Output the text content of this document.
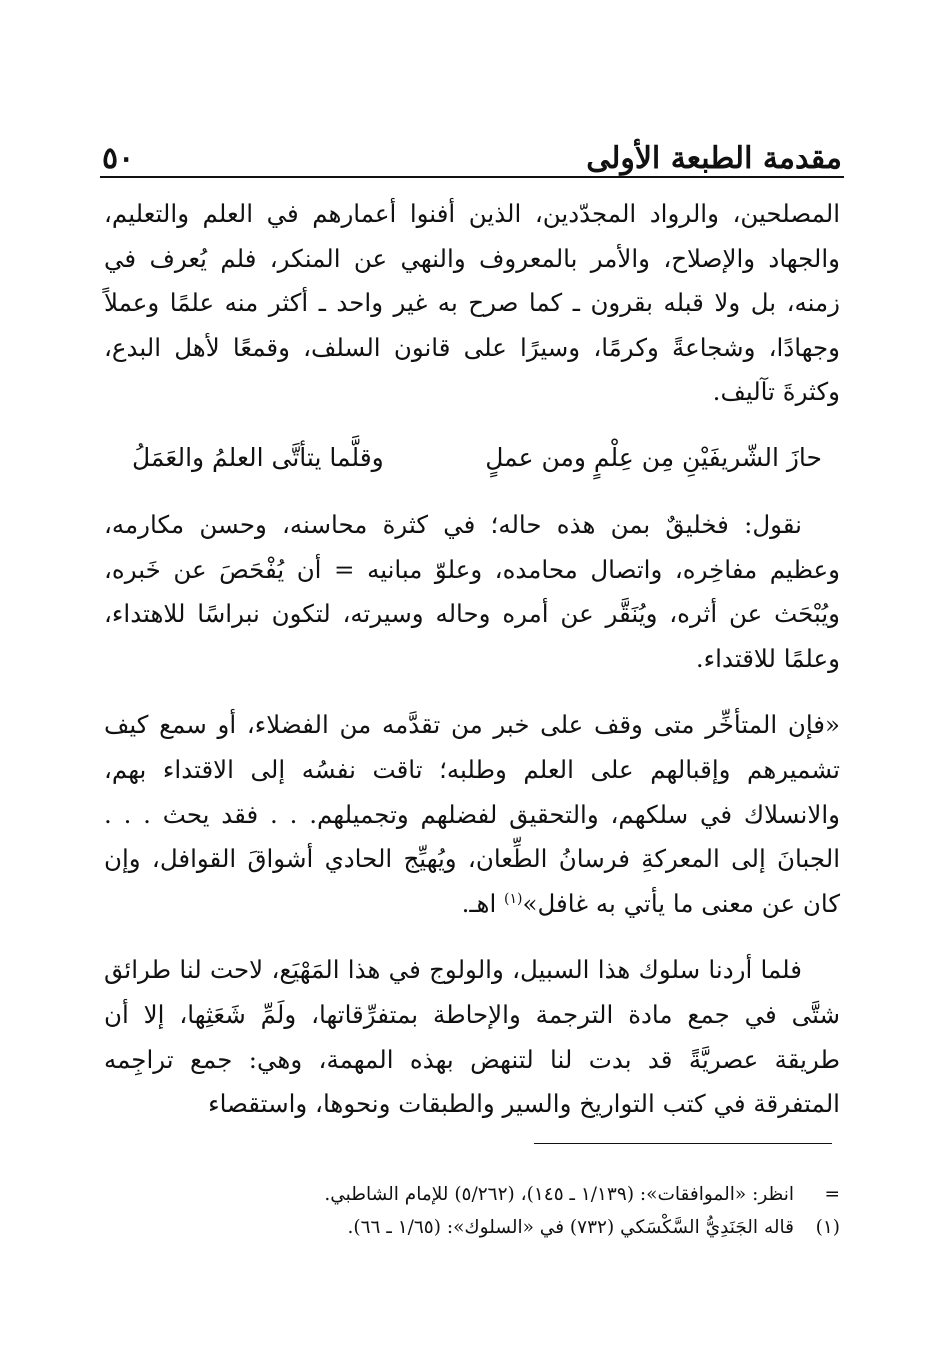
مقدمة الطبعة الأولى
٥٠

المصلحين، والرواد المجدّدين، الذين أفنوا أعمارهم في العلم والتعليم، والجهاد والإصلاح، والأمر بالمعروف والنهي عن المنكر، فلم يُعرف في زمنه، بل ولا قبله بقرون ـ كما صرح به غير واحد ـ أكثر منه علمًا وعملاً وجهادًا، وشجاعةً وكرمًا، وسيرًا على قانون السلف، وقمعًا لأهل البدع، وكثرةَ تآليف.

حازَ الشّريفَيْنِ مِن عِلْمٍ ومن عملٍ
وقلَّما يتأتَّى العلمُ والعَمَلُ

نقول: فخليقٌ بمن هذه حاله؛ في كثرة محاسنه، وحسن مكارمه، وعظيم مفاخِره، واتصال محامده، وعلوّ مبانيه = أن يُفْحَصَ عن خَبره، ويُبْحَث عن أثره، ويُنَقَّر عن أمره وحاله وسيرته، لتكون نبراسًا للاهتداء، وعلمًا للاقتداء.

«فإن المتأخِّر متى وقف على خبر من تقدَّمه من الفضلاء، أو سمع كيف تشميرهم وإقبالهم على العلم وطلبه؛ تاقت نفسُه إلى الاقتداء بهم، والانسلاك في سلكهم، والتحقيق لفضلهم وتجميلهم. . . فقد يحث . . . الجبانَ إلى المعركةِ فرسانُ الطِّعان، ويُهيِّج الحادي أشواقَ القوافل، وإن كان عن معنى ما يأتي به غافل»$^{(١)}$ اهـ.

فلما أردنا سلوك هذا السبيل، والولوج في هذا المَهْيَع، لاحت لنا طرائق شتَّى في جمع مادة الترجمة والإحاطة بمتفرِّقاتها، ولَمِّ شَعَثِها، إلا أن طريقة عصريَّةً قد بدت لنا لتنهض بهذه المهمة، وهي: جمع تراجِمه المتفرقة في كتب التواريخ والسير والطبقات ونحوها، واستقصاء

=
انظر: «الموافقات»: (١/١٣٩ ـ ١٤٥)، (٥/٢٦٢) للإمام الشاطبي.
(١)
قاله الجَنَدِيُّ السَّكْسَكي (٧٣٢) في «السلوك»: (١/٦٥ ـ ٦٦).
